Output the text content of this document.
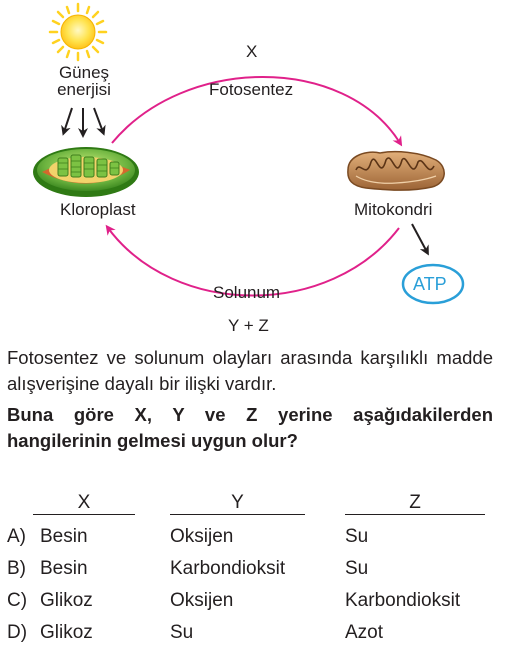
Güneş
enerjisi
X
Fotosentez
Kloroplast	Mitokondri
ATP
Solunum
Y + Z
Fotosentez ve solunum olayları arasında karşılıklı madde alışverişine dayalı bir ilişki vardır.
Buna göre X, Y ve Z yerine aşağıdakilerden hangilerinin gelmesi uygun olur?
X	Y	Z
A) Besin	Oksijen	Su
B) Besin	Karbondioksit	Su
C) Glikoz	Oksijen	Karbondioksit
D) Glikoz	Su	Azot
